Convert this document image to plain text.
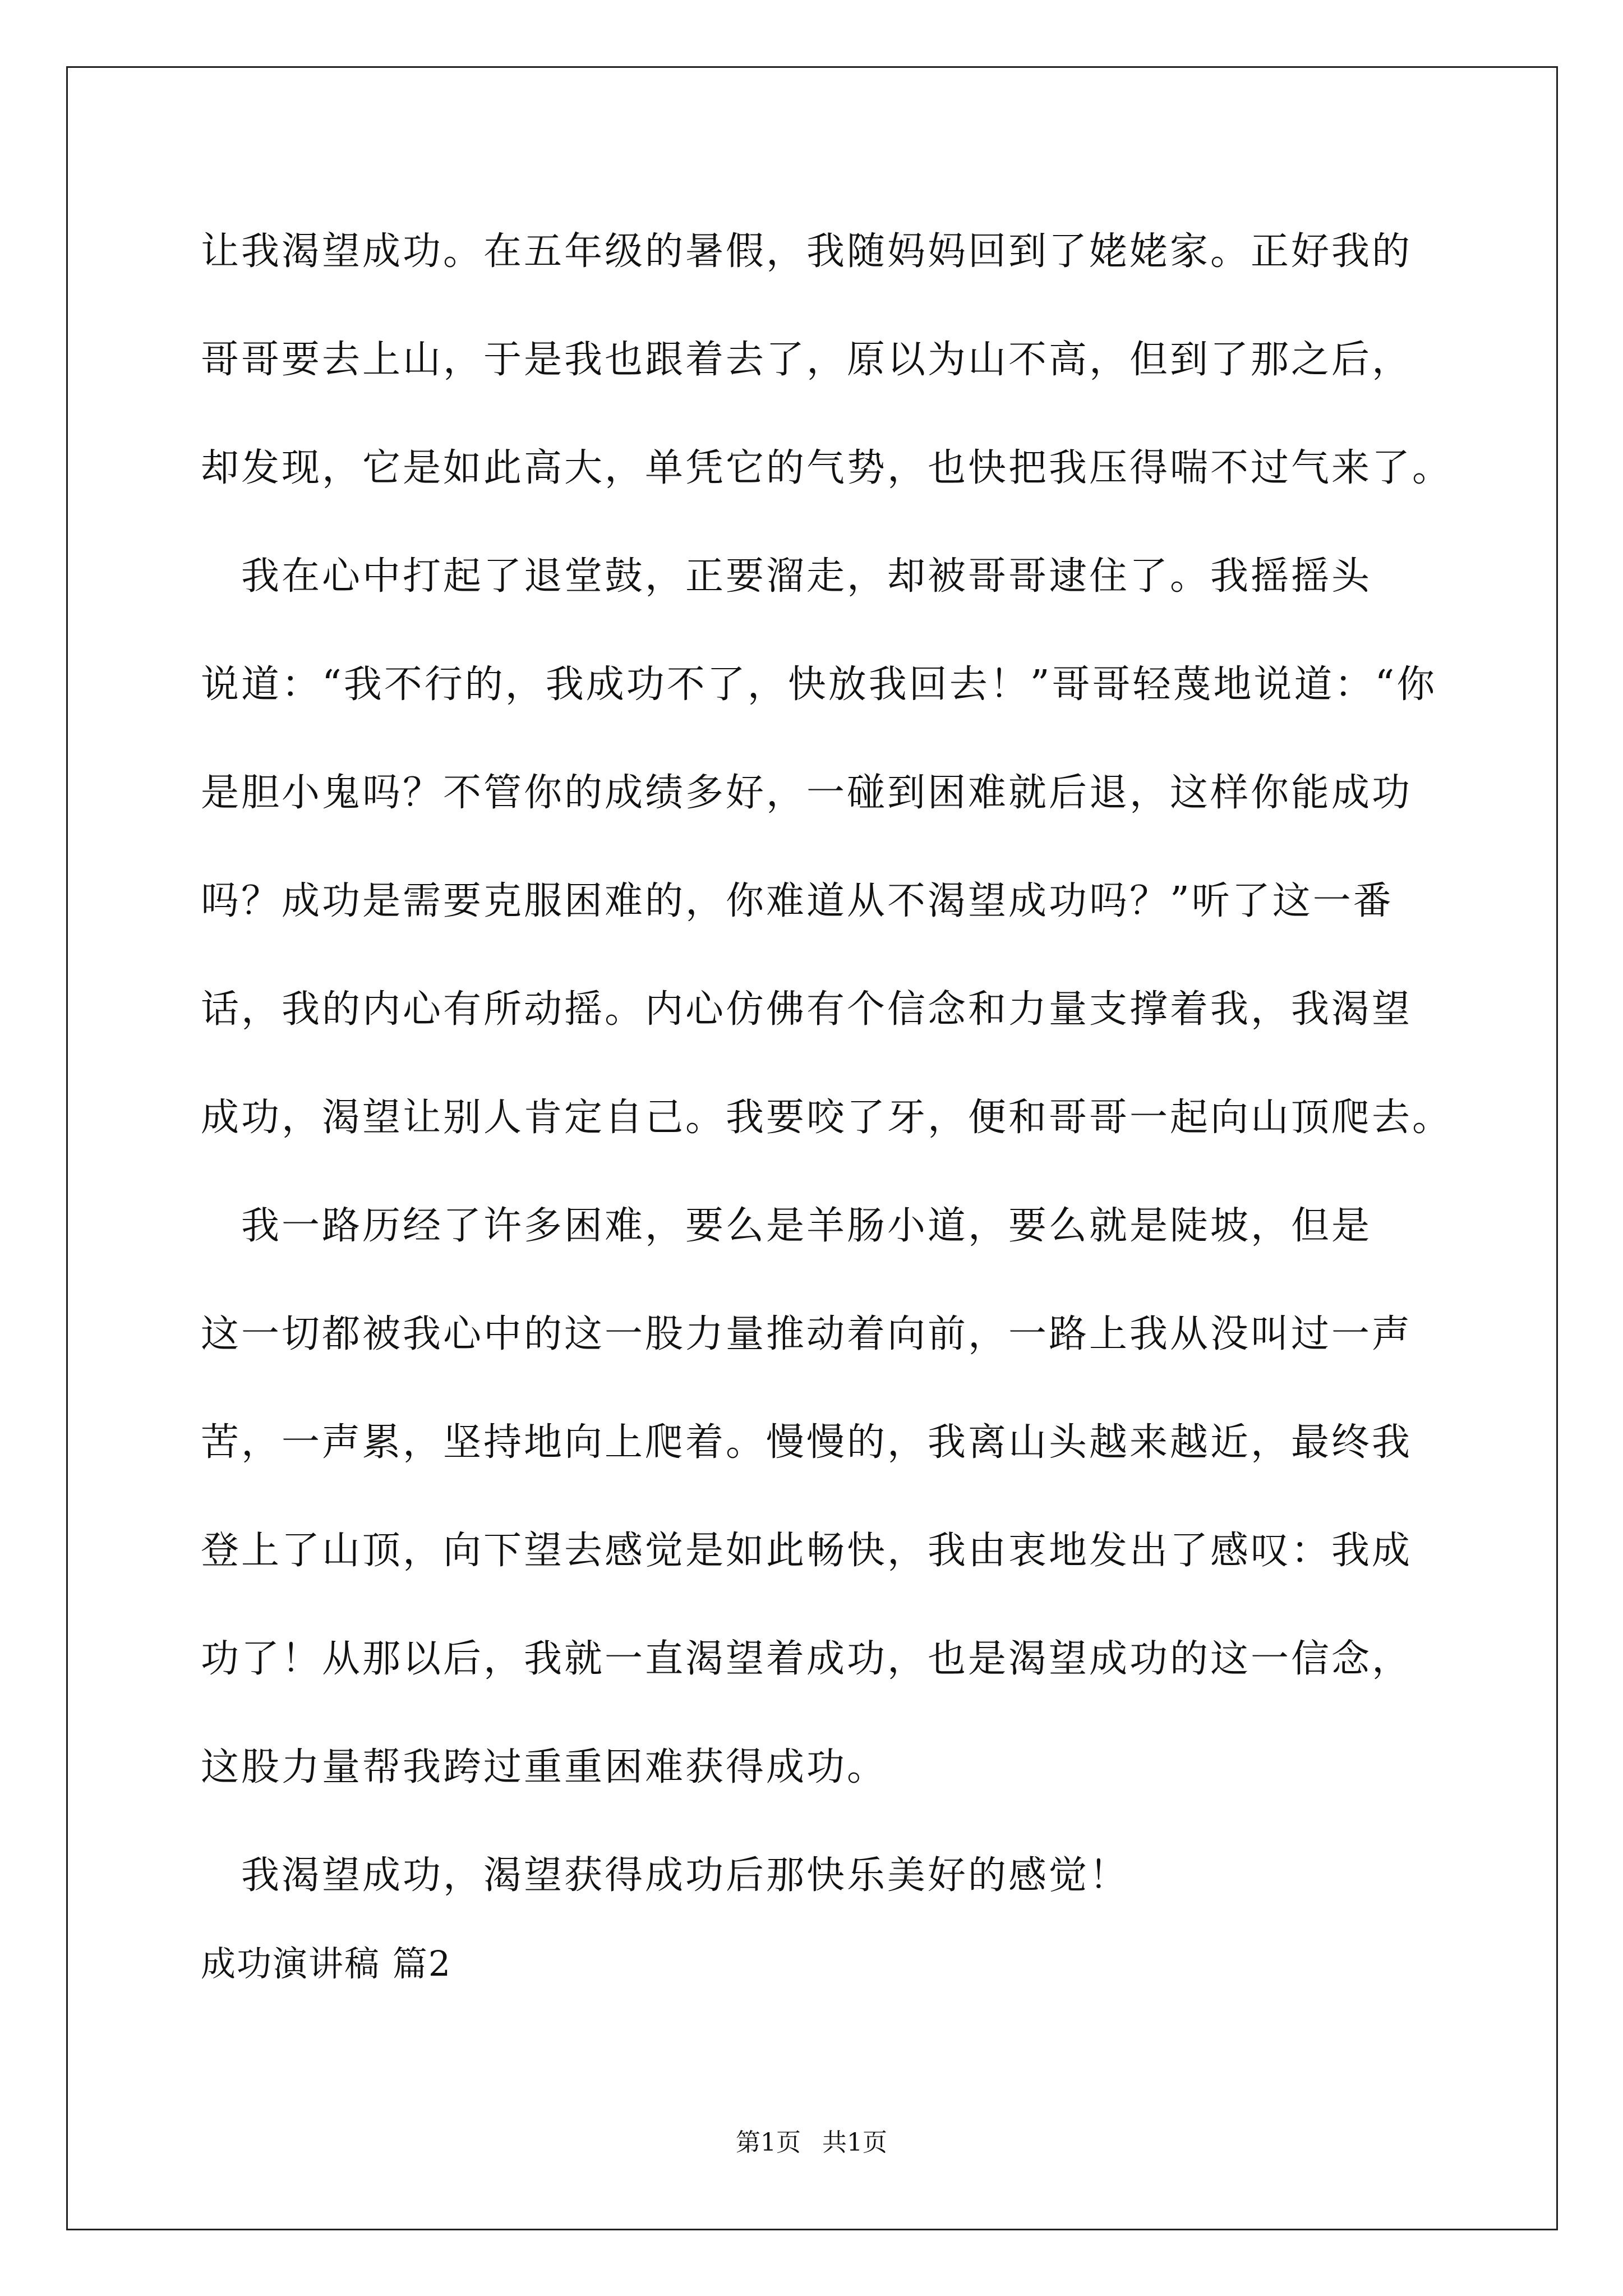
让我渴望成功。在五年级的暑假，我随妈妈回到了姥姥家。正好我的
哥哥要去上山，于是我也跟着去了，原以为山不高，但到了那之后，
却发现，它是如此高大，单凭它的气势，也快把我压得喘不过气来了。
　我在心中打起了退堂鼓，正要溜走，却被哥哥逮住了。我摇摇头
说道：“我不行的，我成功不了，快放我回去！”哥哥轻蔑地说道：“你
是胆小鬼吗？不管你的成绩多好，一碰到困难就后退，这样你能成功
吗？成功是需要克服困难的，你难道从不渴望成功吗？”听了这一番
话，我的内心有所动摇。内心仿佛有个信念和力量支撑着我，我渴望
成功，渴望让别人肯定自己。我要咬了牙，便和哥哥一起向山顶爬去。
　我一路历经了许多困难，要么是羊肠小道，要么就是陡坡，但是
这一切都被我心中的这一股力量推动着向前，一路上我从没叫过一声
苦，一声累，坚持地向上爬着。慢慢的，我离山头越来越近，最终我
登上了山顶，向下望去感觉是如此畅快，我由衷地发出了感叹：我成
功了！从那以后，我就一直渴望着成功，也是渴望成功的这一信念，
这股力量帮我跨过重重困难获得成功。
　我渴望成功，渴望获得成功后那快乐美好的感觉！
成功演讲稿 篇2
第1页 共1页
